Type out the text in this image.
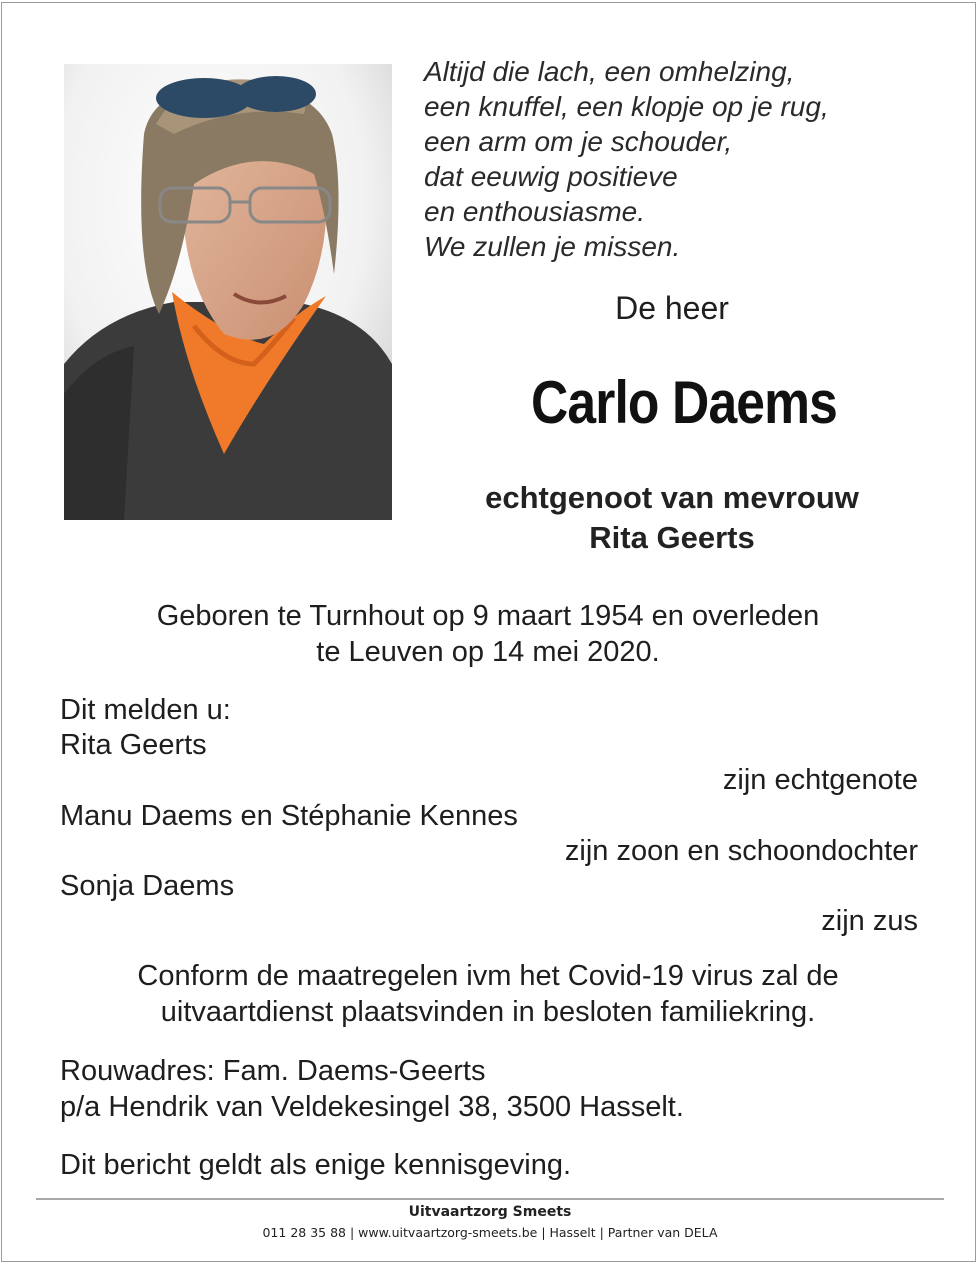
Altijd die lach, een omhelzing,
een knuffel, een klopje op je rug,
een arm om je schouder,
dat eeuwig positieve
en enthousiasme.
We zullen je missen.
De heer
Carlo Daems
echtgenoot van mevrouw
Rita Geerts
Geboren te Turnhout op 9 maart 1954 en overleden
te Leuven op 14 mei 2020.
Dit melden u:
Rita Geerts
zijn echtgenote
Manu Daems en Stéphanie Kennes
zijn zoon en schoondochter
Sonja Daems
zijn zus
Conform de maatregelen ivm het Covid-19 virus zal de
uitvaartdienst plaatsvinden in besloten familiekring.
Rouwadres: Fam. Daems-Geerts
p/a Hendrik van Veldekesingel 38, 3500 Hasselt.
Dit bericht geldt als enige kennisgeving.
Uitvaartzorg Smeets
011 28 35 88 | www.uitvaartzorg-smeets.be | Hasselt | Partner van DELA
